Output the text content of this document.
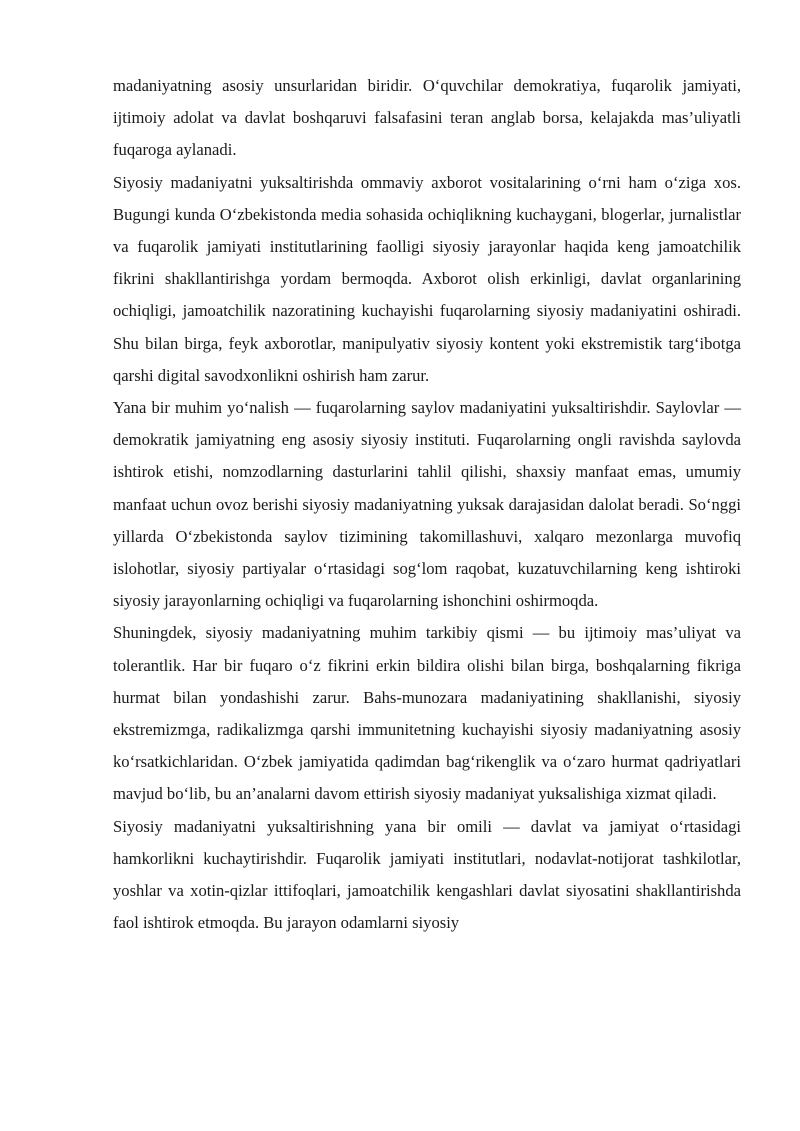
madaniyatning asosiy unsurlaridan biridir. O‘quvchilar demokratiya, fuqarolik jamiyati, ijtimoiy adolat va davlat boshqaruvi falsafasini teran anglab borsa, kelajakda mas’uliyatli fuqaroga aylanadi.

Siyosiy madaniyatni yuksaltirishda ommaviy axborot vositalarining o‘rni ham o‘ziga xos. Bugungi kunda O‘zbekistonda media sohasida ochiqlikning kuchaygani, blogerlar, jurnalistlar va fuqarolik jamiyati institutlarining faolligi siyosiy jarayonlar haqida keng jamoatchilik fikrini shakllantirishga yordam bermoqda. Axborot olish erkinligi, davlat organlarining ochiqligi, jamoatchilik nazoratining kuchayishi fuqarolarning siyosiy madaniyatini oshiradi. Shu bilan birga, feyk axborotlar, manipulyativ siyosiy kontent yoki ekstremistik targ‘ibotga qarshi digital savodxonlikni oshirish ham zarur.

Yana bir muhim yo‘nalish — fuqarolarning saylov madaniyatini yuksaltirishdir. Saylovlar — demokratik jamiyatning eng asosiy siyosiy instituti. Fuqarolarning ongli ravishda saylovda ishtirok etishi, nomzodlarning dasturlarini tahlil qilishi, shaxsiy manfaat emas, umumiy manfaat uchun ovoz berishi siyosiy madaniyatning yuksak darajasidan dalolat beradi. So‘nggi yillarda O‘zbekistonda saylov tizimining takomillashuvi, xalqaro mezonlarga muvofiq islohotlar, siyosiy partiyalar o‘rtasidagi sog‘lom raqobat, kuzatuvchilarning keng ishtiroki siyosiy jarayonlarning ochiqligi va fuqarolarning ishonchini oshirmoqda.

Shuningdek, siyosiy madaniyatning muhim tarkibiy qismi — bu ijtimoiy mas’uliyat va tolerantlik. Har bir fuqaro o‘z fikrini erkin bildira olishi bilan birga, boshqalarning fikriga hurmat bilan yondashishi zarur. Bahs-munozara madaniyatining shakllanishi, siyosiy ekstremizmga, radikalizmga qarshi immunitetning kuchayishi siyosiy madaniyatning asosiy ko‘rsatkichlaridan. O‘zbek jamiyatida qadimdan bag‘rikenglik va o‘zaro hurmat qadriyatlari mavjud bo‘lib, bu an’analarni davom ettirish siyosiy madaniyat yuksalishiga xizmat qiladi.

Siyosiy madaniyatni yuksaltirishning yana bir omili — davlat va jamiyat o‘rtasidagi hamkorlikni kuchaytirishdir. Fuqarolik jamiyati institutlari, nodavlat-notijorat tashkilotlar, yoshlar va xotin-qizlar ittifoqlari, jamoatchilik kengashlari davlat siyosatini shakllantirishda faol ishtirok etmoqda. Bu jarayon odamlarni siyosiy
